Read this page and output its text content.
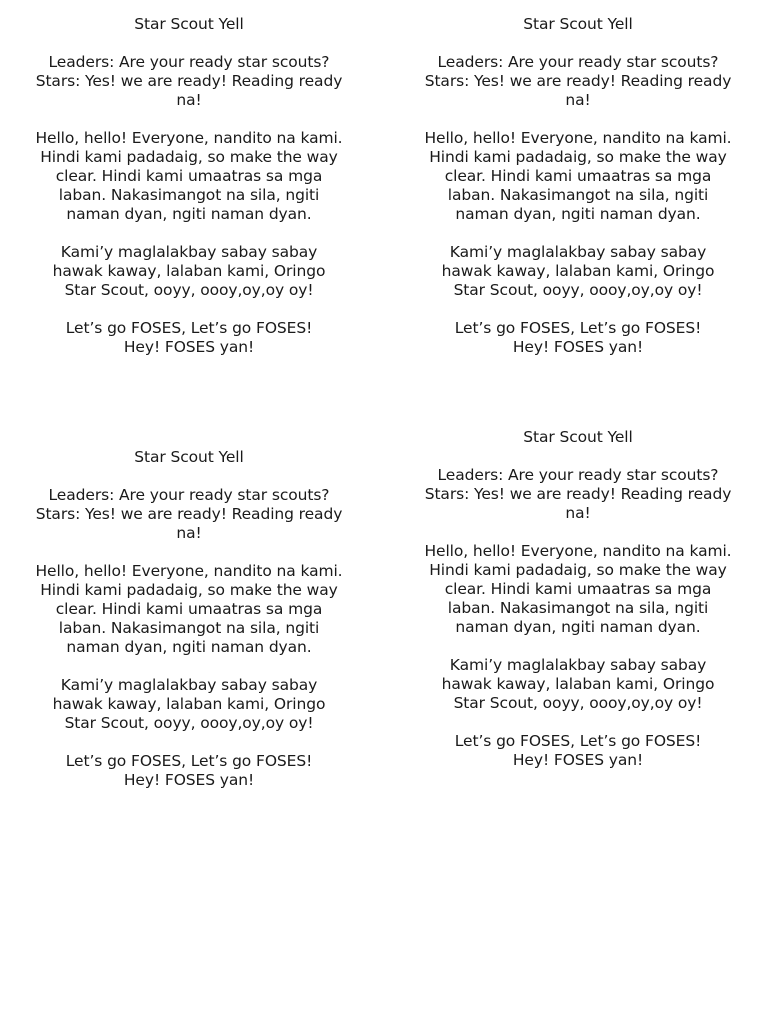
Star Scout Yell
Leaders: Are your ready star scouts?
Stars: Yes! we are ready! Reading ready
na!
Hello, hello! Everyone, nandito na kami.
Hindi kami padadaig, so make the way
clear. Hindi kami umaatras sa mga
laban. Nakasimangot na sila, ngiti
naman dyan, ngiti naman dyan.
Kami’y maglalakbay sabay sabay
hawak kaway, lalaban kami, Oringo
Star Scout, ooyy, oooy,oy,oy oy!
Let’s go FOSES, Let’s go FOSES!
Hey! FOSES yan!
Star Scout Yell
Leaders: Are your ready star scouts?
Stars: Yes! we are ready! Reading ready
na!
Hello, hello! Everyone, nandito na kami.
Hindi kami padadaig, so make the way
clear. Hindi kami umaatras sa mga
laban. Nakasimangot na sila, ngiti
naman dyan, ngiti naman dyan.
Kami’y maglalakbay sabay sabay
hawak kaway, lalaban kami, Oringo
Star Scout, ooyy, oooy,oy,oy oy!
Let’s go FOSES, Let’s go FOSES!
Hey! FOSES yan!
Star Scout Yell
Leaders: Are your ready star scouts?
Stars: Yes! we are ready! Reading ready
na!
Hello, hello! Everyone, nandito na kami.
Hindi kami padadaig, so make the way
clear. Hindi kami umaatras sa mga
laban. Nakasimangot na sila, ngiti
naman dyan, ngiti naman dyan.
Kami’y maglalakbay sabay sabay
hawak kaway, lalaban kami, Oringo
Star Scout, ooyy, oooy,oy,oy oy!
Let’s go FOSES, Let’s go FOSES!
Hey! FOSES yan!
Star Scout Yell
Leaders: Are your ready star scouts?
Stars: Yes! we are ready! Reading ready
na!
Hello, hello! Everyone, nandito na kami.
Hindi kami padadaig, so make the way
clear. Hindi kami umaatras sa mga
laban. Nakasimangot na sila, ngiti
naman dyan, ngiti naman dyan.
Kami’y maglalakbay sabay sabay
hawak kaway, lalaban kami, Oringo
Star Scout, ooyy, oooy,oy,oy oy!
Let’s go FOSES, Let’s go FOSES!
Hey! FOSES yan!
